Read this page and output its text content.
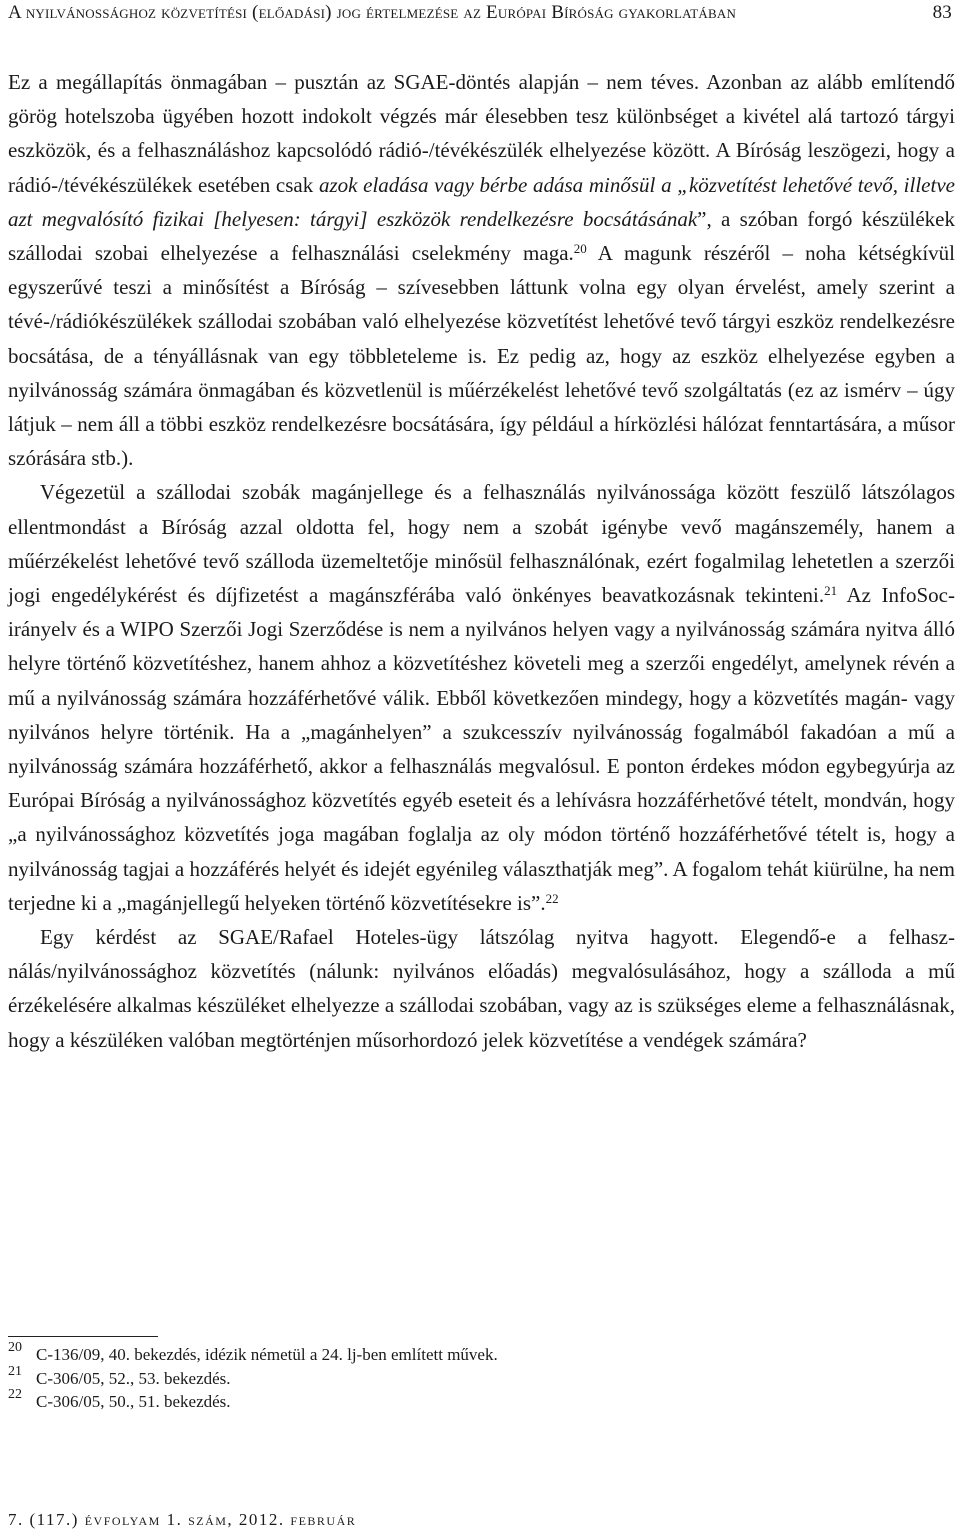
A nyilvánossághoz közvetítési (előadási) jog értelmezése az Európai Bíróság gyakorlatában	83

Ez a megállapítás önmagában – pusztán az SGAE-döntés alapján – nem téves. Azonban az alább említendő görög hotelszoba ügyében hozott indokolt végzés már élesebben tesz különbséget a kivétel alá tartozó tárgyi eszközök, és a felhasználáshoz kapcsolódó rádió-/tévékészülék elhelyezése között. A Bíróság leszögezi, hogy a rádió-/tévékészülékek esetében csak azok eladása vagy bérbe adása minősül a „közvetítést lehetővé tevő, illetve azt megvalósító fizikai [helyesen: tárgyi] eszközök rendelkezésre bocsátásának”, a szóban forgó készülékek szállodai szobai elhelyezése a felhasználási cselekmény maga.$^{20}$ A magunk részéről – noha kétségkívül egyszerűvé teszi a minősítést a Bíróság – szívesebben láttunk volna egy olyan érvelést, amely szerint a tévé-/rádiókészülékek szállodai szobában való elhelyezése közvetítést lehetővé tevő tárgyi eszköz rendelkezésre bocsátása, de a tényállásnak van egy többleteleme is. Ez pedig az, hogy az eszköz elhelyezése egyben a nyilvánosság számára önmagában és közvetlenül is műérzékelést lehetővé tevő szolgáltatás (ez az ismérv – úgy látjuk – nem áll a többi eszköz rendelkezésre bocsátására, így például a hírközlési hálózat fenntartására, a műsor szórására stb.).

Végezetül a szállodai szobák magánjellege és a felhasználás nyilvánossága között feszülő látszólagos ellentmondást a Bíróság azzal oldotta fel, hogy nem a szobát igénybe vevő magánszemély, hanem a műérzékelést lehetővé tevő szálloda üzemeltetője minősül felhasználónak, ezért fogalmilag lehetetlen a szerzői jogi engedélykérést és díjfizetést a magánszférába való önkényes beavatkozásnak tekinteni.$^{21}$ Az InfoSoc-irányelv és a WIPO Szerzői Jogi Szerződése is nem a nyilvános helyen vagy a nyilvánosság számára nyitva álló helyre történő közvetítéshez, hanem ahhoz a közvetítéshez követeli meg a szerzői engedélyt, amelynek révén a mű a nyilvánosság számára hozzáférhetővé válik. Ebből következően mindegy, hogy a közvetítés magán- vagy nyilvános helyre történik. Ha a „magánhelyen” a szukcesszív nyilvánosság fogalmából fakadóan a mű a nyilvánosság számára hozzáférhető, akkor a felhasználás megvalósul. E ponton érdekes módon egybegyúrja az Európai Bíróság a nyilvánossághoz közvetítés egyéb eseteit és a lehívásra hozzáférhetővé tételt, mondván, hogy „a nyilvánossághoz közvetítés joga magában foglalja az oly módon történő hozzáférhetővé tételt is, hogy a nyilvánosság tagjai a hozzáférés helyét és idejét egyénileg választhatják meg”. A fogalom tehát kiürülne, ha nem terjedne ki a „magánjellegű helyeken történő közvetítésekre is”.$^{22}$

Egy kérdést az SGAE/Rafael Hoteles-ügy látszólag nyitva hagyott. Elegendő-e a felhasználás/nyilvánossághoz közvetítés (nálunk: nyilvános előadás) megvalósulásához, hogy a szálloda a mű érzékelésére alkalmas készüléket elhelyezze a szállodai szobában, vagy az is szükséges eleme a felhasználásnak, hogy a készüléken valóban megtörténjen műsorhordozó jelek közvetítése a vendégek számára?

20 C-136/09, 40. bekezdés, idézik németül a 24. lj-ben említett művek.
21 C-306/05, 52., 53. bekezdés.
22 C-306/05, 50., 51. bekezdés.
7. (117.) évfolyam 1. szám, 2012. február
